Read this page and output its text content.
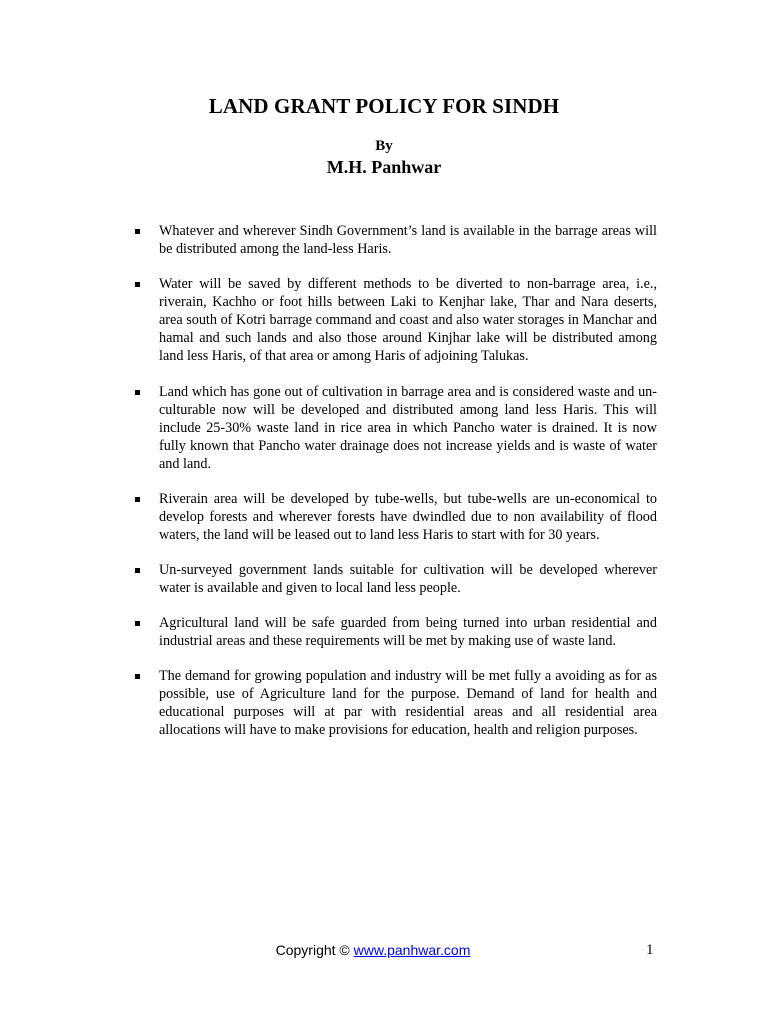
LAND GRANT POLICY FOR SINDH
By
M.H. Panhwar
Whatever and wherever Sindh Government’s land is available in the barrage areas will be distributed among the land-less Haris.
Water will be saved by different methods to be diverted to non-barrage area, i.e., riverain, Kachho or foot hills between Laki to Kenjhar lake, Thar and Nara deserts, area south of Kotri barrage command and coast and also water storages in Manchar and hamal and such lands and also those around Kinjhar lake will be distributed among land less Haris, of that area or among Haris of adjoining Talukas.
Land which has gone out of cultivation in barrage area and is considered waste and un-culturable now will be developed and distributed among land less Haris. This will include 25-30% waste land in rice area in which Pancho water is drained. It is now fully known that Pancho water drainage does not increase yields and is waste of water and land.
Riverain area will be developed by tube-wells, but tube-wells are un-economical to develop forests and wherever forests have dwindled due to non availability of flood waters, the land will be leased out to land less Haris to start with for 30 years.
Un-surveyed government lands suitable for cultivation will be developed wherever water is available and given to local land less people.
Agricultural land will be safe guarded from being turned into urban residential and industrial areas and these requirements will be met by making use of waste land.
The demand for growing population and industry will be met fully a avoiding as for as possible, use of Agriculture land for the purpose. Demand of land for health and educational purposes will at par with residential areas and all residential area allocations will have to make provisions for education, health and religion purposes.
Copyright © www.panhwar.com	1
